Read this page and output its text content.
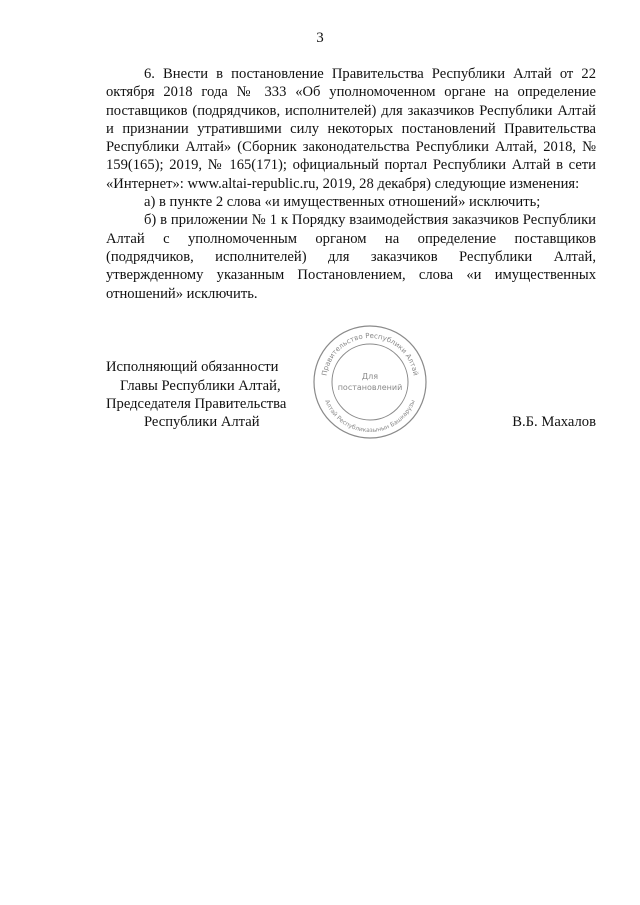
3

6. Внести в постановление Правительства Республики Алтай от 22 октября 2018 года № 333 «Об уполномоченном органе на определение поставщиков (подрядчиков, исполнителей) для заказчиков Республики Алтай и признании утратившими силу некоторых постановлений Правительства Республики Алтай» (Сборник законодательства Республики Алтай, 2018, № 159(165); 2019, № 165(171); официальный портал Республики Алтай в сети «Интернет»: www.altai-republic.ru, 2019, 28 декабря) следующие изменения:

а) в пункте 2 слова «и имущественных отношений» исключить;

б) в приложении № 1 к Порядку взаимодействия заказчиков Республики Алтай с уполномоченным органом на определение поставщиков (подрядчиков, исполнителей) для заказчиков Республики Алтай, утвержденному указанным Постановлением, слова «и имущественных отношений» исключить.

Исполняющий обязанности
Главы Республики Алтай,
Председателя Правительства
Республики Алтай	В.Б. Махалов
Правительство Республики Алтай
Алтай Республиказынын Башкарузы
Для
постановлений
